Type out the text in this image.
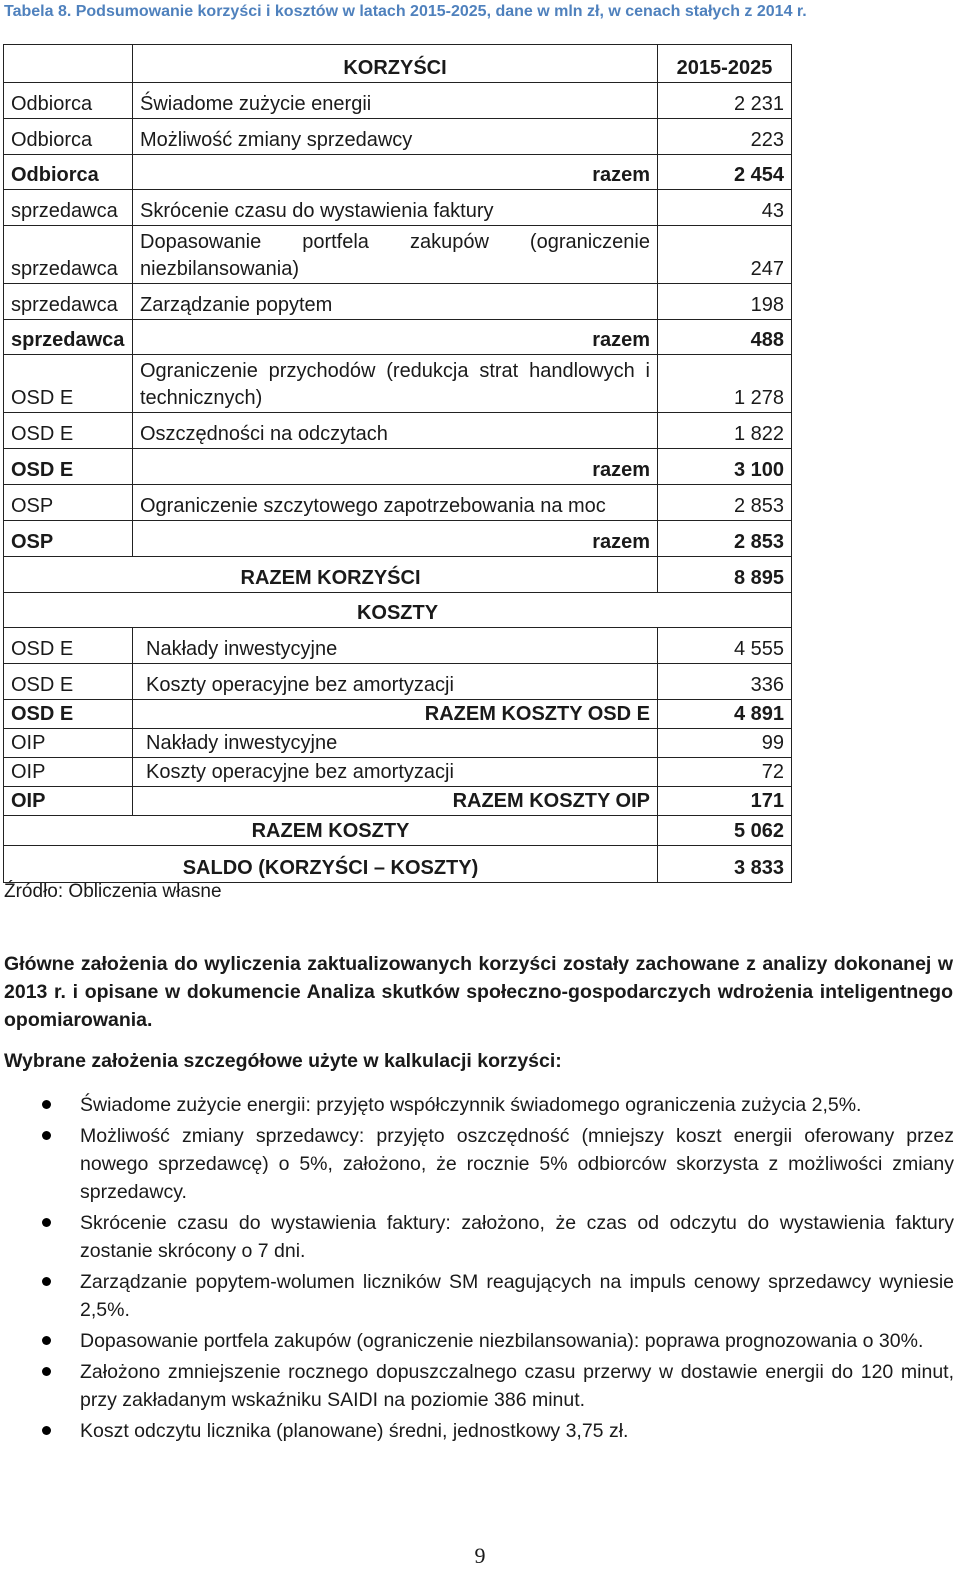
Tabela 8. Podsumowanie korzyści i kosztów w latach 2015-2025, dane w mln zł, w cenach stałych z 2014 r.
	KORZYŚCI	2015-2025
Odbiorca	Świadome zużycie energii	2 231
Odbiorca	Możliwość zmiany sprzedawcy	223
Odbiorca	razem	2 454
sprzedawca	Skrócenie czasu do wystawienia faktury	43
sprzedawca	Dopasowanie portfela zakupów (ograniczenie niezbilansowania)	247
sprzedawca	Zarządzanie popytem	198
sprzedawca	razem	488
OSD E	Ograniczenie przychodów (redukcja strat handlowych i technicznych)	1 278
OSD E	Oszczędności na odczytach	1 822
OSD E	razem	3 100
OSP	Ograniczenie szczytowego zapotrzebowania na moc	2 853
OSP	razem	2 853
RAZEM KORZYŚCI		8 895
KOSZTY		
OSD E	Nakłady inwestycyjne	4 555
OSD E	Koszty operacyjne bez amortyzacji	336
OSD E	RAZEM KOSZTY OSD E	4 891
OIP	Nakłady inwestycyjne	99
OIP	Koszty operacyjne bez amortyzacji	72
OIP	RAZEM KOSZTY OIP	171
RAZEM KOSZTY		5 062
SALDO (KORZYŚCI – KOSZTY)		3 833
Źródło: Obliczenia własne
Główne założenia do wyliczenia zaktualizowanych korzyści zostały zachowane z analizy dokonanej w 2013 r. i opisane w dokumencie Analiza skutków społeczno-gospodarczych wdrożenia inteligentnego opomiarowania.
Wybrane założenia szczegółowe użyte w kalkulacji korzyści:
Świadome zużycie energii: przyjęto współczynnik świadomego ograniczenia zużycia 2,5%.
Możliwość zmiany sprzedawcy: przyjęto oszczędność (mniejszy koszt energii oferowany przez nowego sprzedawcę) o 5%, założono, że rocznie 5% odbiorców skorzysta z możliwości zmiany sprzedawcy.
Skrócenie czasu do wystawienia faktury: założono, że czas od odczytu do wystawienia faktury zostanie skrócony o 7 dni.
Zarządzanie popytem-wolumen liczników SM reagujących na impuls cenowy sprzedawcy wyniesie 2,5%.
Dopasowanie portfela zakupów (ograniczenie niezbilansowania): poprawa prognozowania o 30%.
Założono zmniejszenie rocznego dopuszczalnego czasu przerwy w dostawie energii do 120 minut, przy zakładanym wskaźniku SAIDI na poziomie 386 minut.
Koszt odczytu licznika (planowane) średni, jednostkowy 3,75 zł.
9
